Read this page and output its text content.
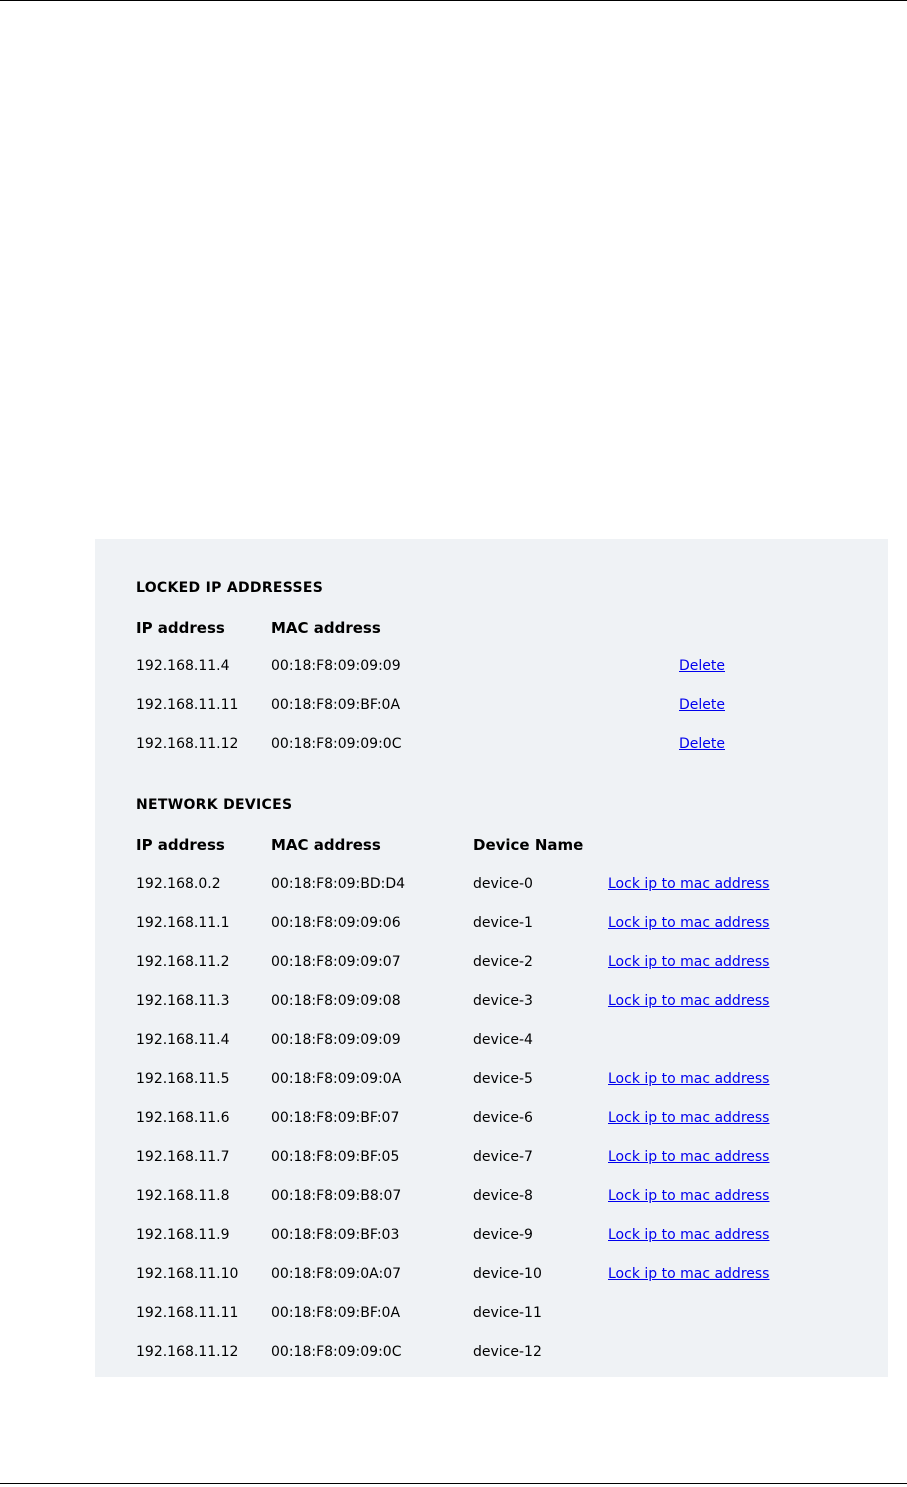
LOCKED IP ADDRESSES
IP address	MAC address
192.168.11.4	00:18:F8:09:09:09	Delete
192.168.11.11 00:18:F8:09:BF:0A	Delete
192.168.11.12 00:18:F8:09:09:0C	Delete
NETWORK DEVICES
IP address	MAC address	Device Name
192.168.0.2	00:18:F8:09:BD:D4	device-0	Lock ip to mac address
192.168.11.1	00:18:F8:09:09:06	device-1	Lock ip to mac address
192.168.11.2	00:18:F8:09:09:07	device-2	Lock ip to mac address
192.168.11.3	00:18:F8:09:09:08	device-3	Lock ip to mac address
192.168.11.4	00:18:F8:09:09:09	device-4
192.168.11.5	00:18:F8:09:09:0A	device-5	Lock ip to mac address
192.168.11.6	00:18:F8:09:BF:07	device-6	Lock ip to mac address
192.168.11.7	00:18:F8:09:BF:05	device-7	Lock ip to mac address
192.168.11.8	00:18:F8:09:B8:07	device-8	Lock ip to mac address
192.168.11.9	00:18:F8:09:BF:03	device-9	Lock ip to mac address
192.168.11.10 00:18:F8:09:0A:07	device-10	Lock ip to mac address
192.168.11.11 00:18:F8:09:BF:0A	device-11
192.168.11.12 00:18:F8:09:09:0C	device-12
